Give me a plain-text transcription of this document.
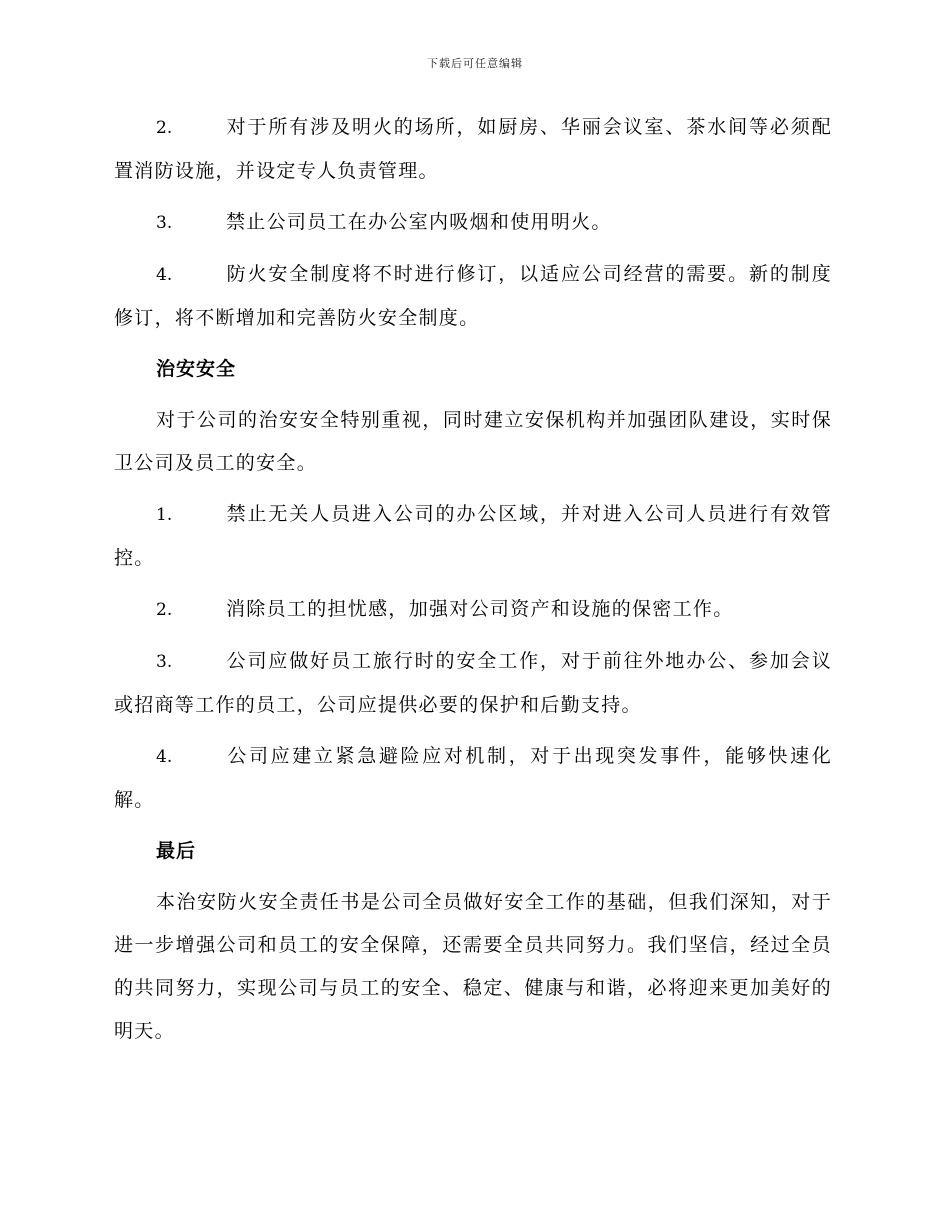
下载后可任意编辑

2.	对于所有涉及明火的场所，如厨房、华丽会议室、茶水间等必须配置消防设施，并设定专人负责管理。

3.	禁止公司员工在办公室内吸烟和使用明火。

4.	防火安全制度将不时进行修订，以适应公司经营的需要。新的制度修订，将不断增加和完善防火安全制度。

治安安全

对于公司的治安安全特别重视，同时建立安保机构并加强团队建设，实时保卫公司及员工的安全。

1.	禁止无关人员进入公司的办公区域，并对进入公司人员进行有效管控。

2.	消除员工的担忧感，加强对公司资产和设施的保密工作。

3.	公司应做好员工旅行时的安全工作，对于前往外地办公、参加会议或招商等工作的员工，公司应提供必要的保护和后勤支持。

4.	公司应建立紧急避险应对机制，对于出现突发事件，能够快速化解。

最后

本治安防火安全责任书是公司全员做好安全工作的基础，但我们深知，对于进一步增强公司和员工的安全保障，还需要全员共同努力。我们坚信，经过全员的共同努力，实现公司与员工的安全、稳定、健康与和谐，必将迎来更加美好的明天。
